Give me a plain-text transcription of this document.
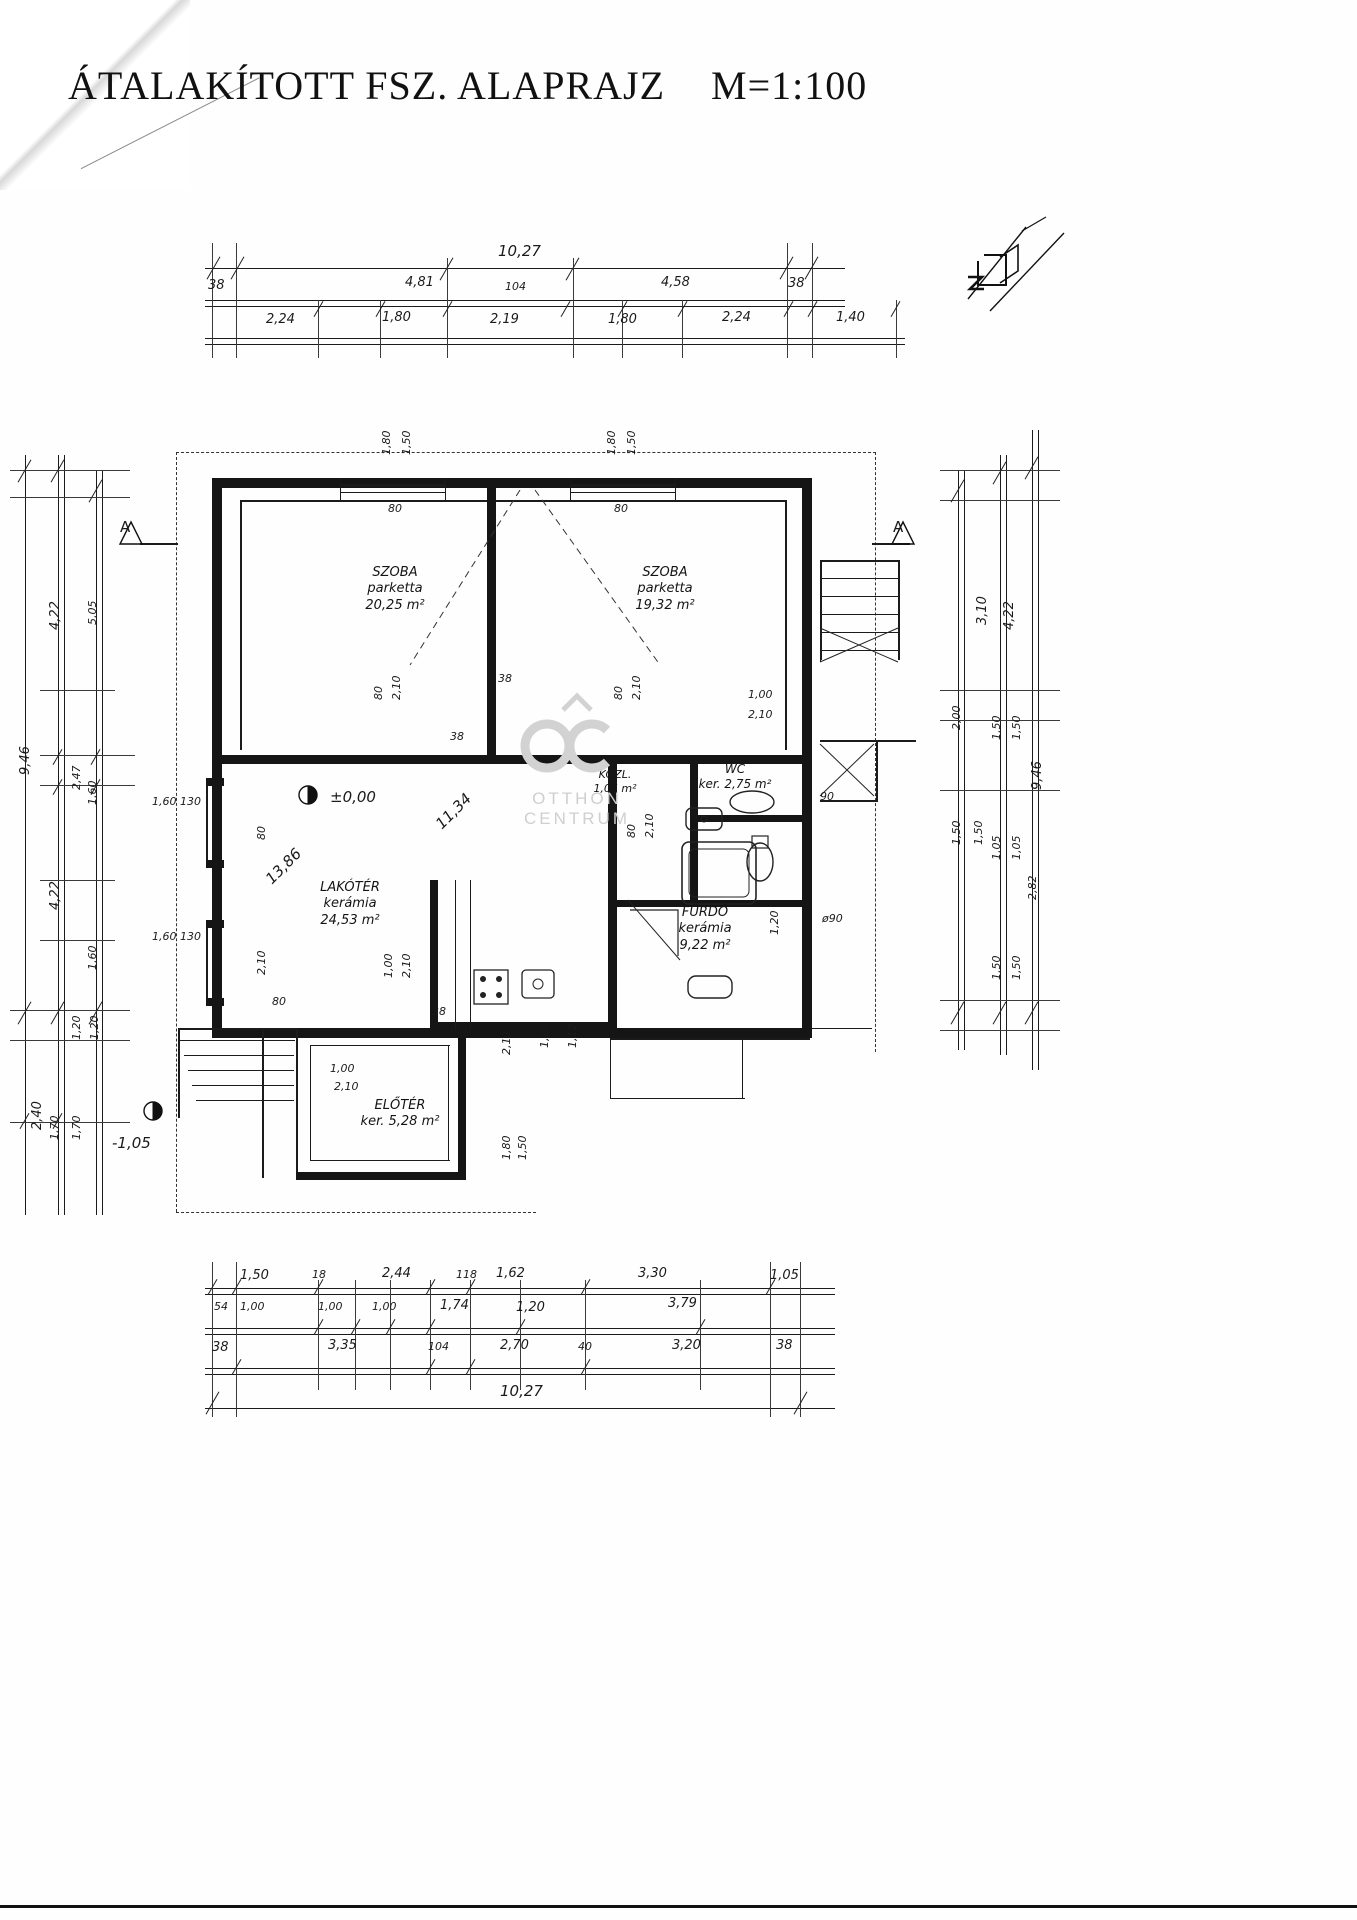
ÁTALAKÍTOTT FSZ. ALAPRAJZ M=1:100
10,27
38	4,81	104	4,58	38
2,24	1,80	2,19	1,80	2,24	1,40
4,22
4,22
2,40
9,46
5,05
2,47
1,60
1,60
1,20 1,20
1,70 1,70
1,60 130
1,60 130
80
2,10
4,22
3,10
2,00
1,50 1,50
9,46
1,50 1,50
1,05 1,05
1,50 1,50
2,82
A	A
±0,00
-1,05
SZOBA
parketta
20,25 m²
SZOBA
parketta
19,32 m²
LAKÓTÉR
kerámia
24,53 m²
KÖZL.
1,05 m²
WC
ker. 2,75 m²
FÜRDŐ
kerámia
9,22 m²
ELŐTÉR
ker. 5,28 m²
13,86
11,34
1,80 1,50	1,80 1,50
80	80
80 2,10
38
38
80 2,10	1,00
2,10
80 2,10
90
ø90
1,20
1,00 2,10
80
38
1,00
2,10
2,12 1,20 1,12
1,80 1,50
OTTHON
CENTRUM
1,50	18	2,44	118 1,62	3,30	1,05
54 1,00	1,00	1,00	1,74	1,20	3,79
38	3,35	104	2,70	40	3,20	38
10,27
